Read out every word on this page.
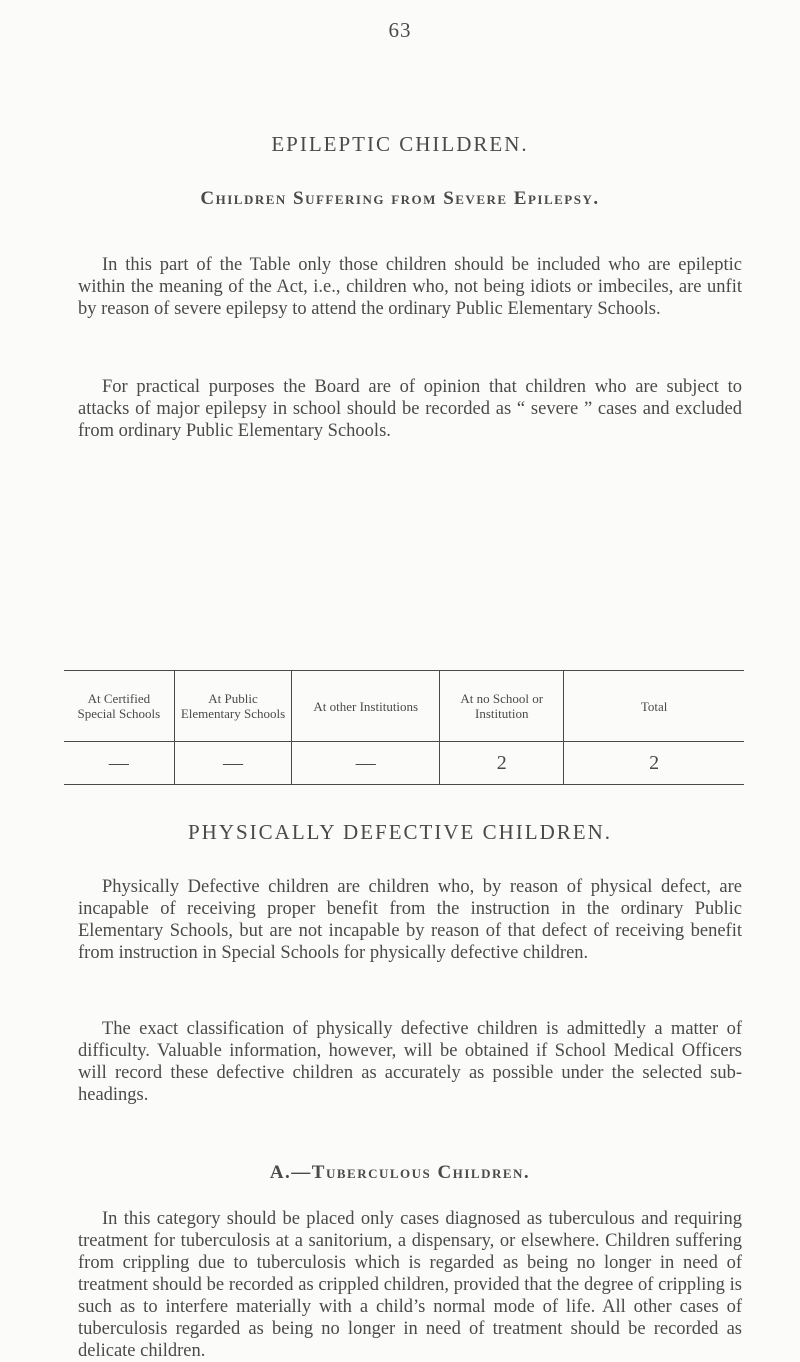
63
EPILEPTIC CHILDREN.
Children Suffering from Severe Epilepsy.

In this part of the Table only those children should be included who are epileptic within the meaning of the Act, i.e., children who, not being idiots or imbeciles, are unfit by reason of severe epilepsy to attend the ordinary Public Elementary Schools.

For practical purposes the Board are of opinion that children who are subject to attacks of major epilepsy in school should be recorded as “ severe ” cases and excluded from ordinary Public Elementary Schools.

At Certified Special Schools	At Public Elementary Schools	At other Institutions	At no School or Institution	Total
—	—	—	2	2
PHYSICALLY DEFECTIVE CHILDREN.

Physically Defective children are children who, by reason of physical defect, are incapable of receiving proper benefit from the instruction in the ordinary Public Elementary Schools, but are not incapable by reason of that defect of receiving benefit from instruction in Special Schools for physically defective children.

The exact classification of physically defective children is admittedly a matter of difficulty. Valuable information, however, will be obtained if School Medical Officers will record these defective children as accurately as possible under the selected sub-headings.

A.—Tuberculous Children.

In this category should be placed only cases diagnosed as tuberculous and requiring treatment for tuberculosis at a sanitorium, a dispensary, or elsewhere. Children suffering from crippling due to tuberculosis which is regarded as being no longer in need of treatment should be recorded as crippled children, provided that the degree of crippling is such as to interfere materially with a child’s normal mode of life. All other cases of tuberculosis regarded as being no longer in need of treatment should be recorded as delicate children.
